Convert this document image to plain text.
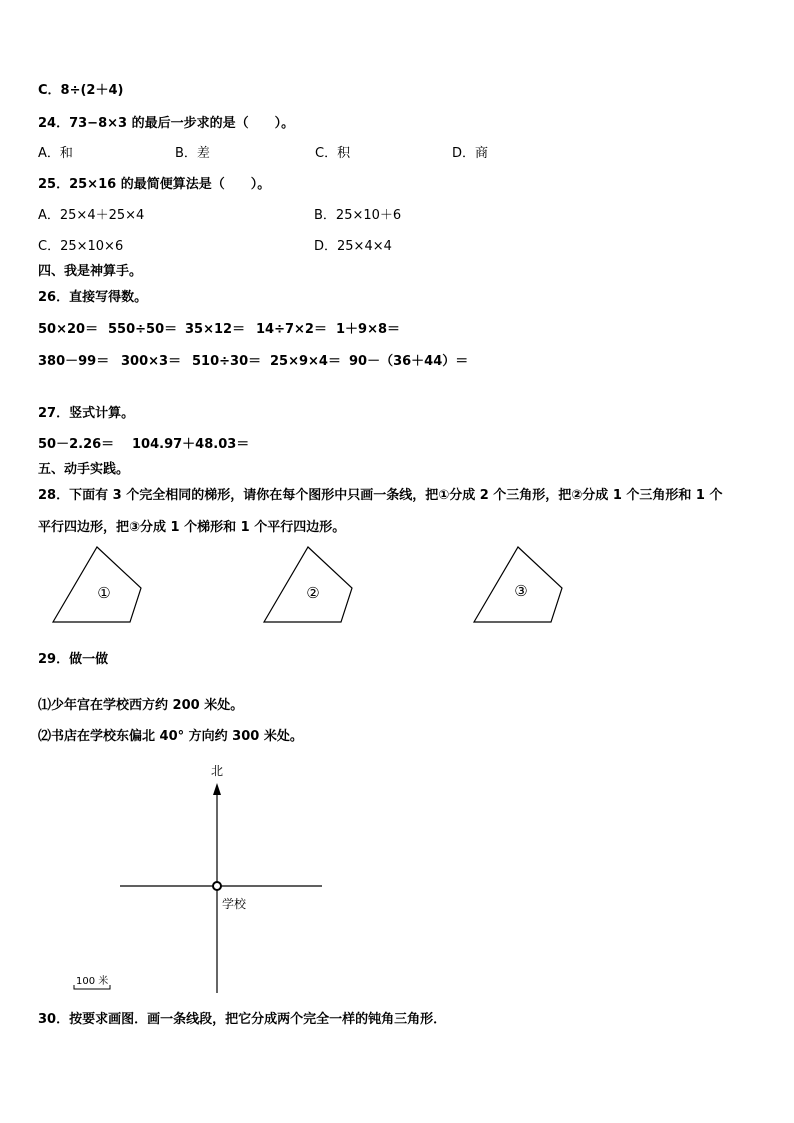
C．8÷(2＋4)
24．73−8×3 的最后一步求的是（　　）。
A．和	B．差	C．积	D．商
25．25×16 的最简便算法是（　　）。
A．25×4＋25×4	B．25×10＋6
C．25×10×6	D．25×4×4
四、我是神算手。
26．直接写得数。
50×20＝ 550÷50＝ 35×12＝ 14÷7×2＝ 1＋9×8＝
380－99＝ 300×3＝ 510÷30＝ 25×9×4＝ 90－（36＋44）＝
27．竖式计算。
50－2.26＝ 104.97＋48.03＝
五、动手实践。
28．下面有 3 个完全相同的梯形，请你在每个图形中只画一条线，把①分成 2 个三角形，把②分成 1 个三角形和 1 个
平行四边形，把③分成 1 个梯形和 1 个平行四边形。
①	②	③
29．做一做
⑴少年宫在学校西方约 200 米处。
⑵书店在学校东偏北 40° 方向约 300 米处。
北
学校
100 米
30．按要求画图．画一条线段，把它分成两个完全一样的钝角三角形．
